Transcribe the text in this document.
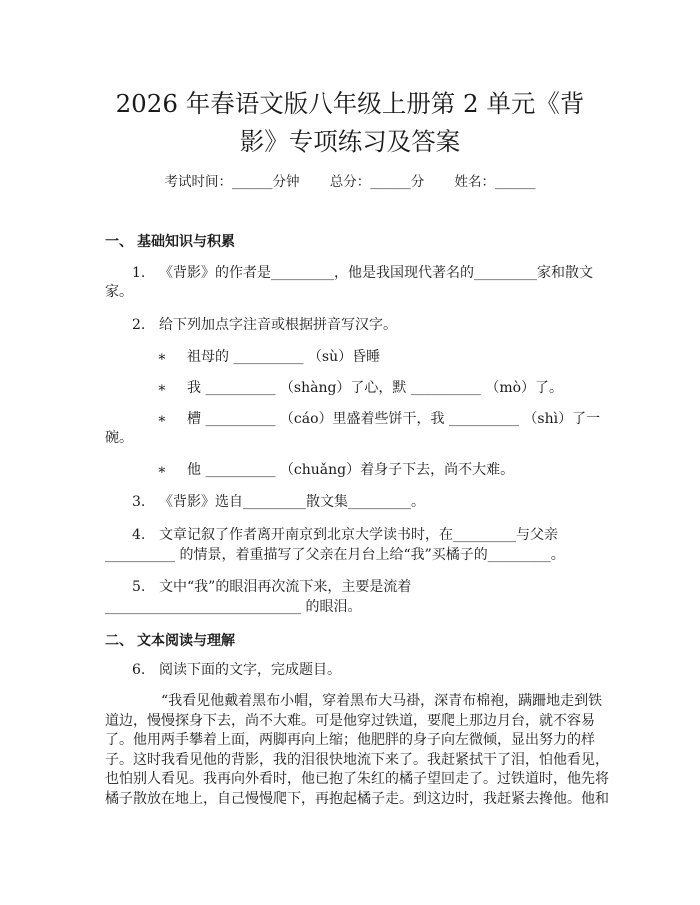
2026 年春语文版八年级上册第 2 单元《背
影》专项练习及答案
考试时间：______分钟 总分：______分 姓名：______
一、 基础知识与积累
1. 《背影》的作者是_________，他是我国现代著名的_________家和散文
家。
2. 给下列加点字注音或根据拼音写汉字。
∗ 祖母的 __________ （sù）昏睡
∗ 我 __________ （shàng）了心，默 __________ （mò）了。
∗ 槽 __________ （cáo）里盛着些饼干，我 __________ （shì）了一
碗。
∗ 他 __________ （chuǎng）着身子下去，尚不大难。
3. 《背影》选自_________散文集_________。
4. 文章记叙了作者离开南京到北京大学读书时，在_________与父亲
__________ 的情景，着重描写了父亲在月台上给“我”买橘子的_________。
5. 文中“我”的眼泪再次流下来，主要是流着
____________________________ 的眼泪。
二、 文本阅读与理解
6. 阅读下面的文字，完成题目。
“我看见他戴着黑布小帽，穿着黑布大马褂，深青布棉袍，蹒跚地走到铁
道边，慢慢探身下去，尚不大难。可是他穿过铁道，要爬上那边月台，就不容易
了。他用两手攀着上面，两脚再向上缩；他肥胖的身子向左微倾，显出努力的样
子。这时我看见他的背影，我的泪很快地流下来了。我赶紧拭干了泪，怕他看见，
也怕别人看见。我再向外看时，他已抱了朱红的橘子望回走了。过铁道时，他先将
橘子散放在地上，自己慢慢爬下，再抱起橘子走。到这边时，我赶紧去搀他。他和
